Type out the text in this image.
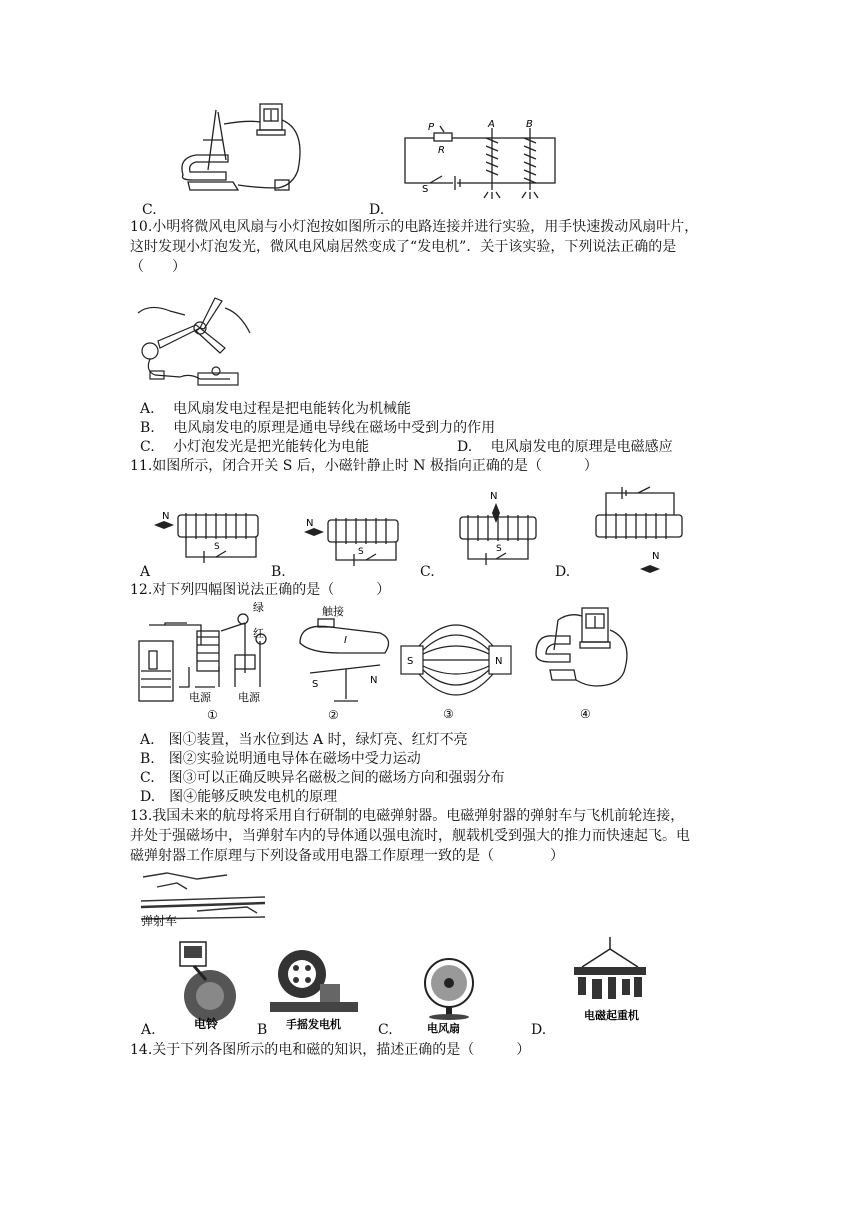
C.
P
R
A	B
S
D.
10.小明将微风电风扇与小灯泡按如图所示的电路连接并进行实验，用手快速拨动风扇叶片，
这时发现小灯泡发光，微风电风扇居然变成了“发电机”．关于该实验，下列说法正确的是
（　　）
A.　 电风扇发电过程是把电能转化为机械能
B.　 电风扇发电的原理是通电导线在磁场中受到力的作用
C.　 小灯泡发光是把光能转化为电能	D.　 电风扇发电的原理是电磁感应
11.如图所示，闭合开关 S 后，小磁针静止时 N 极指向正确的是（　　　）
N
S
A
N
S
B.
N
S
C.
N
D.
12.对下列四幅图说法正确的是（　　　）
绿
红
电源 电源
①
触接
I
S	N
②
S	N
③	④
A.　图①装置，当水位到达 A 时，绿灯亮、红灯不亮
B.　图②实验说明通电导体在磁场中受力运动
C.　图③可以正确反映异名磁极之间的磁场方向和强弱分布
D.　图④能够反映发电机的原理
13.我国未来的航母将采用自行研制的电磁弹射器。电磁弹射器的弹射车与飞机前轮连接，
并处于强磁场中，当弹射车内的导体通以强电流时，舰载机受到强大的推力而快速起飞。电
磁弹射器工作原理与下列设备或用电器工作原理一致的是（　　　　）
弹射车
电铃
A.	手摇发电机
B	电风扇
C.
电磁起重机
D.
14.关于下列各图所示的电和磁的知识，描述正确的是（　　　）
